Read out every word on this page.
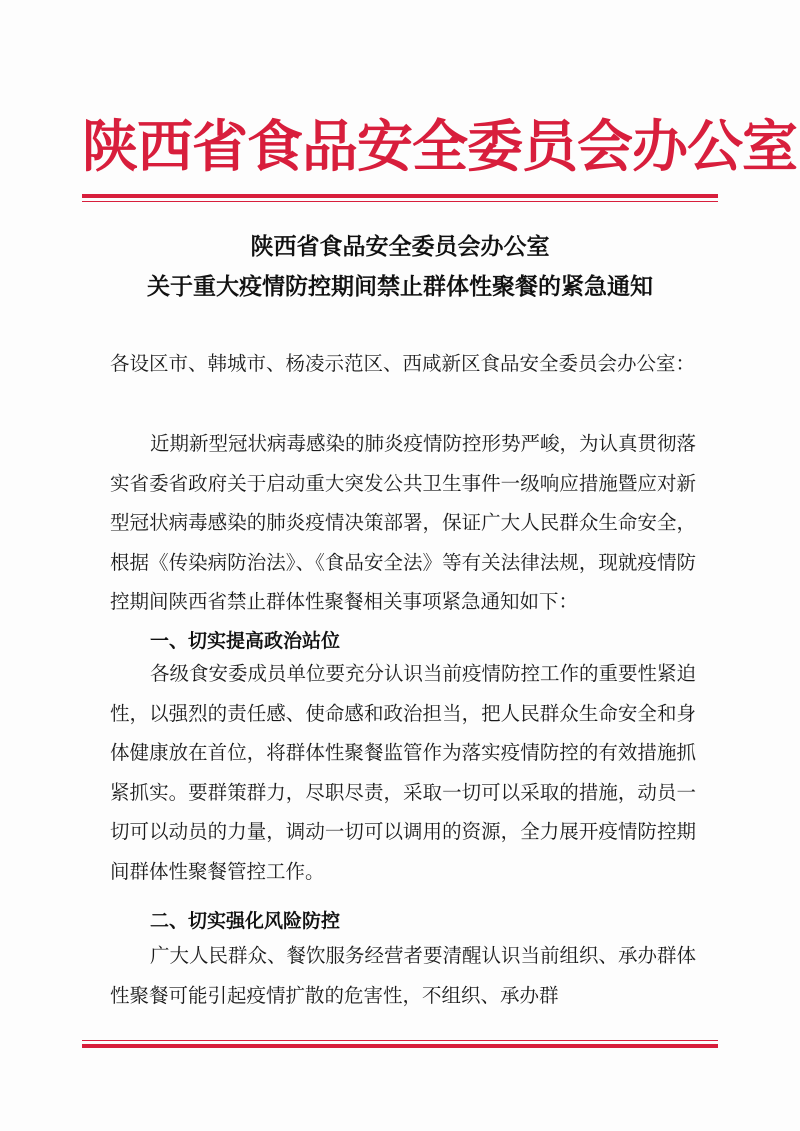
陕西省食品安全委员会办公室
陕西省食品安全委员会办公室
关于重大疫情防控期间禁止群体性聚餐的紧急通知
各设区市、韩城市、杨凌示范区、西咸新区食品安全委员会办公室：
近期新型冠状病毒感染的肺炎疫情防控形势严峻，为认真贯彻落实省委省政府关于启动重大突发公共卫生事件一级响应措施暨应对新型冠状病毒感染的肺炎疫情决策部署，保证广大人民群众生命安全，根据《传染病防治法》、《食品安全法》等有关法律法规，现就疫情防控期间陕西省禁止群体性聚餐相关事项紧急通知如下：
一、切实提高政治站位
各级食安委成员单位要充分认识当前疫情防控工作的重要性紧迫性，以强烈的责任感、使命感和政治担当，把人民群众生命安全和身体健康放在首位，将群体性聚餐监管作为落实疫情防控的有效措施抓紧抓实。要群策群力，尽职尽责，采取一切可以采取的措施，动员一切可以动员的力量，调动一切可以调用的资源，全力展开疫情防控期间群体性聚餐管控工作。
二、切实强化风险防控
广大人民群众、餐饮服务经营者要清醒认识当前组织、承办群体性聚餐可能引起疫情扩散的危害性，不组织、承办群
